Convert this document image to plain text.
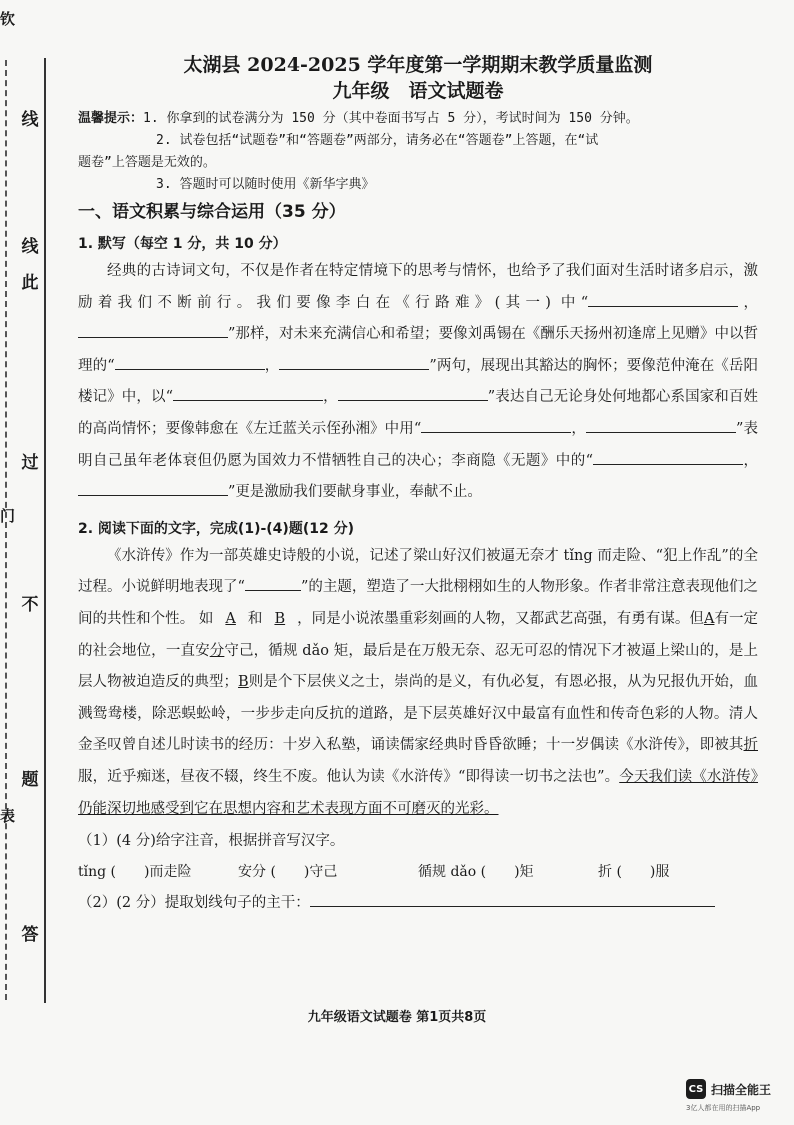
线
线
此
过
不
题
答
钦
门
表
太湖县 2024-2025 学年度第一学期期末教学质量监测
九年级　语文试题卷
温馨提示：1. 你拿到的试卷满分为 150 分（其中卷面书写占 5 分），考试时间为 150 分钟。
2. 试卷包括“试题卷”和“答题卷”两部分，请务必在“答题卷”上答题，在“试
题卷”上答题是无效的。
3. 答题时可以随时使用《新华字典》
一、语文积累与综合运用（35 分）
1. 默写（每空 1 分，共 10 分）
经典的古诗词文句，不仅是作者在特定情境下的思考与情怀，也给予了我们面对生活时诸多启示，激励着我们不断前行。我们要像李白在《行路难》(其一) 中“	，”那样，对未来充满信心和希望；要像刘禹锡在《酬乐天扬州初逢席上见赠》中以哲理的“	，	”两句，展现出其豁达的胸怀；要像范仲淹在《岳阳楼记》中，以“	，	”表达自己无论身处何地都心系国家和百姓的高尚情怀；要像韩愈在《左迁蓝关示侄孙湘》中用“	，	”表明自己虽年老体衰但仍愿为国效力不惜牺牲自己的决心；李商隐《无题》中的“	，”更是激励我们要献身事业，奉献不止。
2. 阅读下面的文字，完成(1)-(4)题(12 分)
《水浒传》作为一部英雄史诗般的小说，记述了梁山好汉们被逼无奈才 tǐng 而走险、“犯上作乱”的全过程。小说鲜明地表现了“	”的主题，塑造了一大批栩栩如生的人物形象。作者非常注意表现他们之间的共性和个性。 如 A 和 B ，同是小说浓墨重彩刻画的人物，又都武艺高强，有勇有谋。但A有一定的社会地位，一直安分守己，循规 dǎo 矩，最后是在万般无奈、忍无可忍的情况下才被逼上梁山的，是上层人物被迫造反的典型；B则是个下层侠义之士，崇尚的是义，有仇必复，有恩必报，从为兄报仇开始，血溅鸳鸯楼，除恶蜈蚣岭，一步步走向反抗的道路，是下层英雄好汉中最富有血性和传奇色彩的人物。清人金圣叹曾自述儿时读书的经历：十岁入私塾，诵读儒家经典时昏昏欲睡；十一岁偶读《水浒传》，即被其折服，近乎痴迷，昼夜不辍，终生不废。他认为读《水浒传》“即得读一切书之法也”。今天我们读《水浒传》仍能深切地感受到它在思想内容和艺术表现方面不可磨灭的光彩。
（1）(4 分)给字注音，根据拼音写汉字。
tǐng (　　)而走险	安分 (　　)守己	循规 dǎo (　　)矩	折 (　　)服
（2）(2 分）提取划线句子的主干：
九年级语文试题卷 第1页共8页
CS 扫描全能王
3亿人都在用的扫描App
